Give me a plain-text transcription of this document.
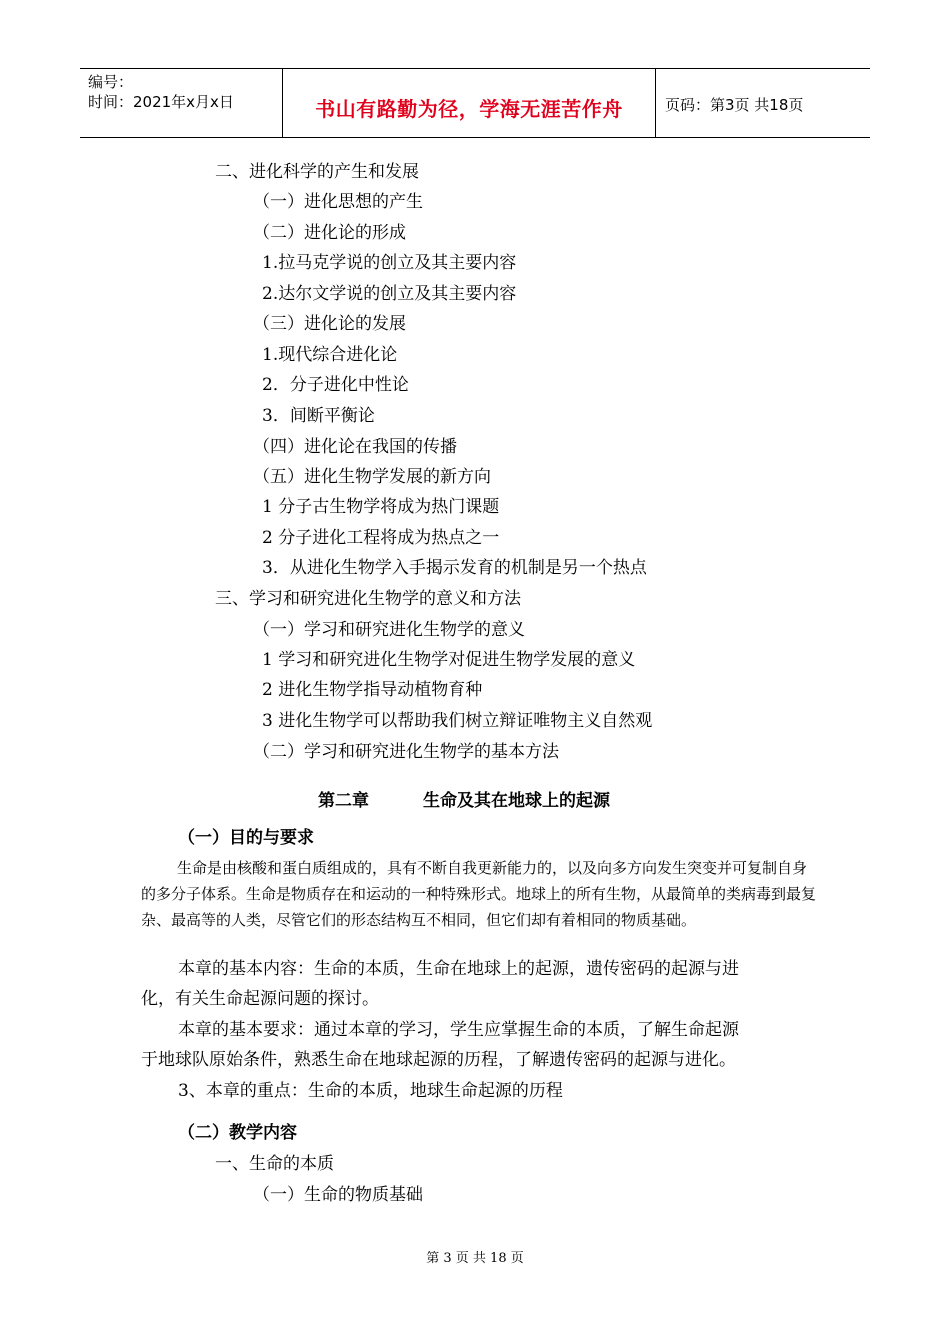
编号：
时间：2021年x月x日	书山有路勤为径，学海无涯苦作舟	页码：第3页 共18页
二、进化科学的产生和发展
（一）进化思想的产生
（二）进化论的形成
1.拉马克学说的创立及其主要内容
2.达尔文学说的创立及其主要内容
（三）进化论的发展
1.现代综合进化论
2．分子进化中性论
3．间断平衡论
（四）进化论在我国的传播
（五）进化生物学发展的新方向
1 分子古生物学将成为热门课题
2 分子进化工程将成为热点之一
3．从进化生物学入手揭示发育的机制是另一个热点
三、学习和研究进化生物学的意义和方法
（一）学习和研究进化生物学的意义
1 学习和研究进化生物学对促进生物学发展的意义
2 进化生物学指导动植物育种
3 进化生物学可以帮助我们树立辩证唯物主义自然观
（二）学习和研究进化生物学的基本方法
第二章	生命及其在地球上的起源
（一）目的与要求
生命是由核酸和蛋白质组成的，具有不断自我更新能力的，以及向多方向发生突变并可复制自身的多分子体系。生命是物质存在和运动的一种特殊形式。地球上的所有生物，从最简单的类病毒到最复杂、最高等的人类，尽管它们的形态结构互不相同，但它们却有着相同的物质基础。
本章的基本内容：生命的本质，生命在地球上的起源，遗传密码的起源与进
化，有关生命起源问题的探讨。
本章的基本要求：通过本章的学习，学生应掌握生命的本质，了解生命起源
于地球队原始条件，熟悉生命在地球起源的历程，了解遗传密码的起源与进化。
3、本章的重点：生命的本质，地球生命起源的历程
（二）教学内容
一、生命的本质
（一）生命的物质基础
第 3 页 共 18 页
